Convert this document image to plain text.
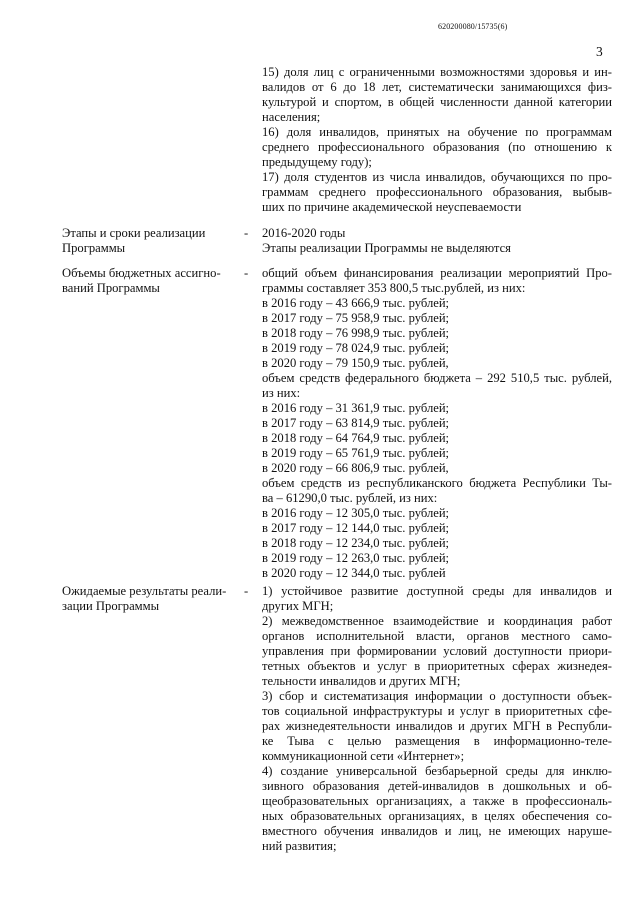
620200080/15735(6)
3
15) доля лиц с ограниченными возможностями здоровья и ин-
валидов от 6 до 18 лет, систематически занимающихся физ-
культурой и спортом, в общей численности данной категории
населения;
16) доля инвалидов, принятых на обучение по программам
среднего профессионального образования (по отношению к
предыдущему году);
17) доля студентов из числа инвалидов, обучающихся по про-
граммам среднего профессионального образования, выбыв-
ших по причине академической неуспеваемости
Этапы и сроки реализации
Программы
- 2016-2020 годы
Этапы реализации Программы не выделяются
Объемы бюджетных ассигно-
ваний Программы
- общий объем финансирования реализации мероприятий Про-
граммы составляет 353 800,5 тыс.рублей, из них:
в 2016 году – 43 666,9 тыс. рублей;
в 2017 году – 75 958,9 тыс. рублей;
в 2018 году – 76 998,9 тыс. рублей;
в 2019 году – 78 024,9 тыс. рублей;
в 2020 году – 79 150,9 тыс. рублей,
объем средств федерального бюджета – 292 510,5 тыс. рублей,
из них:
в 2016 году – 31 361,9 тыс. рублей;
в 2017 году – 63 814,9 тыс. рублей;
в 2018 году – 64 764,9 тыс. рублей;
в 2019 году – 65 761,9 тыс. рублей;
в 2020 году – 66 806,9 тыс. рублей,
объем средств из республиканского бюджета Республики Ты-
ва – 61290,0 тыс. рублей, из них:
в 2016 году – 12 305,0 тыс. рублей;
в 2017 году – 12 144,0 тыс. рублей;
в 2018 году – 12 234,0 тыс. рублей;
в 2019 году – 12 263,0 тыс. рублей;
в 2020 году – 12 344,0 тыс. рублей
Ожидаемые результаты реали-
зации Программы
- 1) устойчивое развитие доступной среды для инвалидов и
других МГН;
2) межведомственное взаимодействие и координация работ
органов исполнительной власти, органов местного само-
управления при формировании условий доступности приори-
тетных объектов и услуг в приоритетных сферах жизнедея-
тельности инвалидов и других МГН;
3) сбор и систематизация информации о доступности объек-
тов социальной инфраструктуры и услуг в приоритетных сфе-
рах жизнедеятельности инвалидов и других МГН в Республи-
ке Тыва с целью размещения в информационно-теле-
коммуникационной сети «Интернет»;
4) создание универсальной безбарьерной среды для инклю-
зивного образования детей-инвалидов в дошкольных и об-
щеобразовательных организациях, а также в профессиональ-
ных образовательных организациях, в целях обеспечения со-
вместного обучения инвалидов и лиц, не имеющих наруше-
ний развития;
